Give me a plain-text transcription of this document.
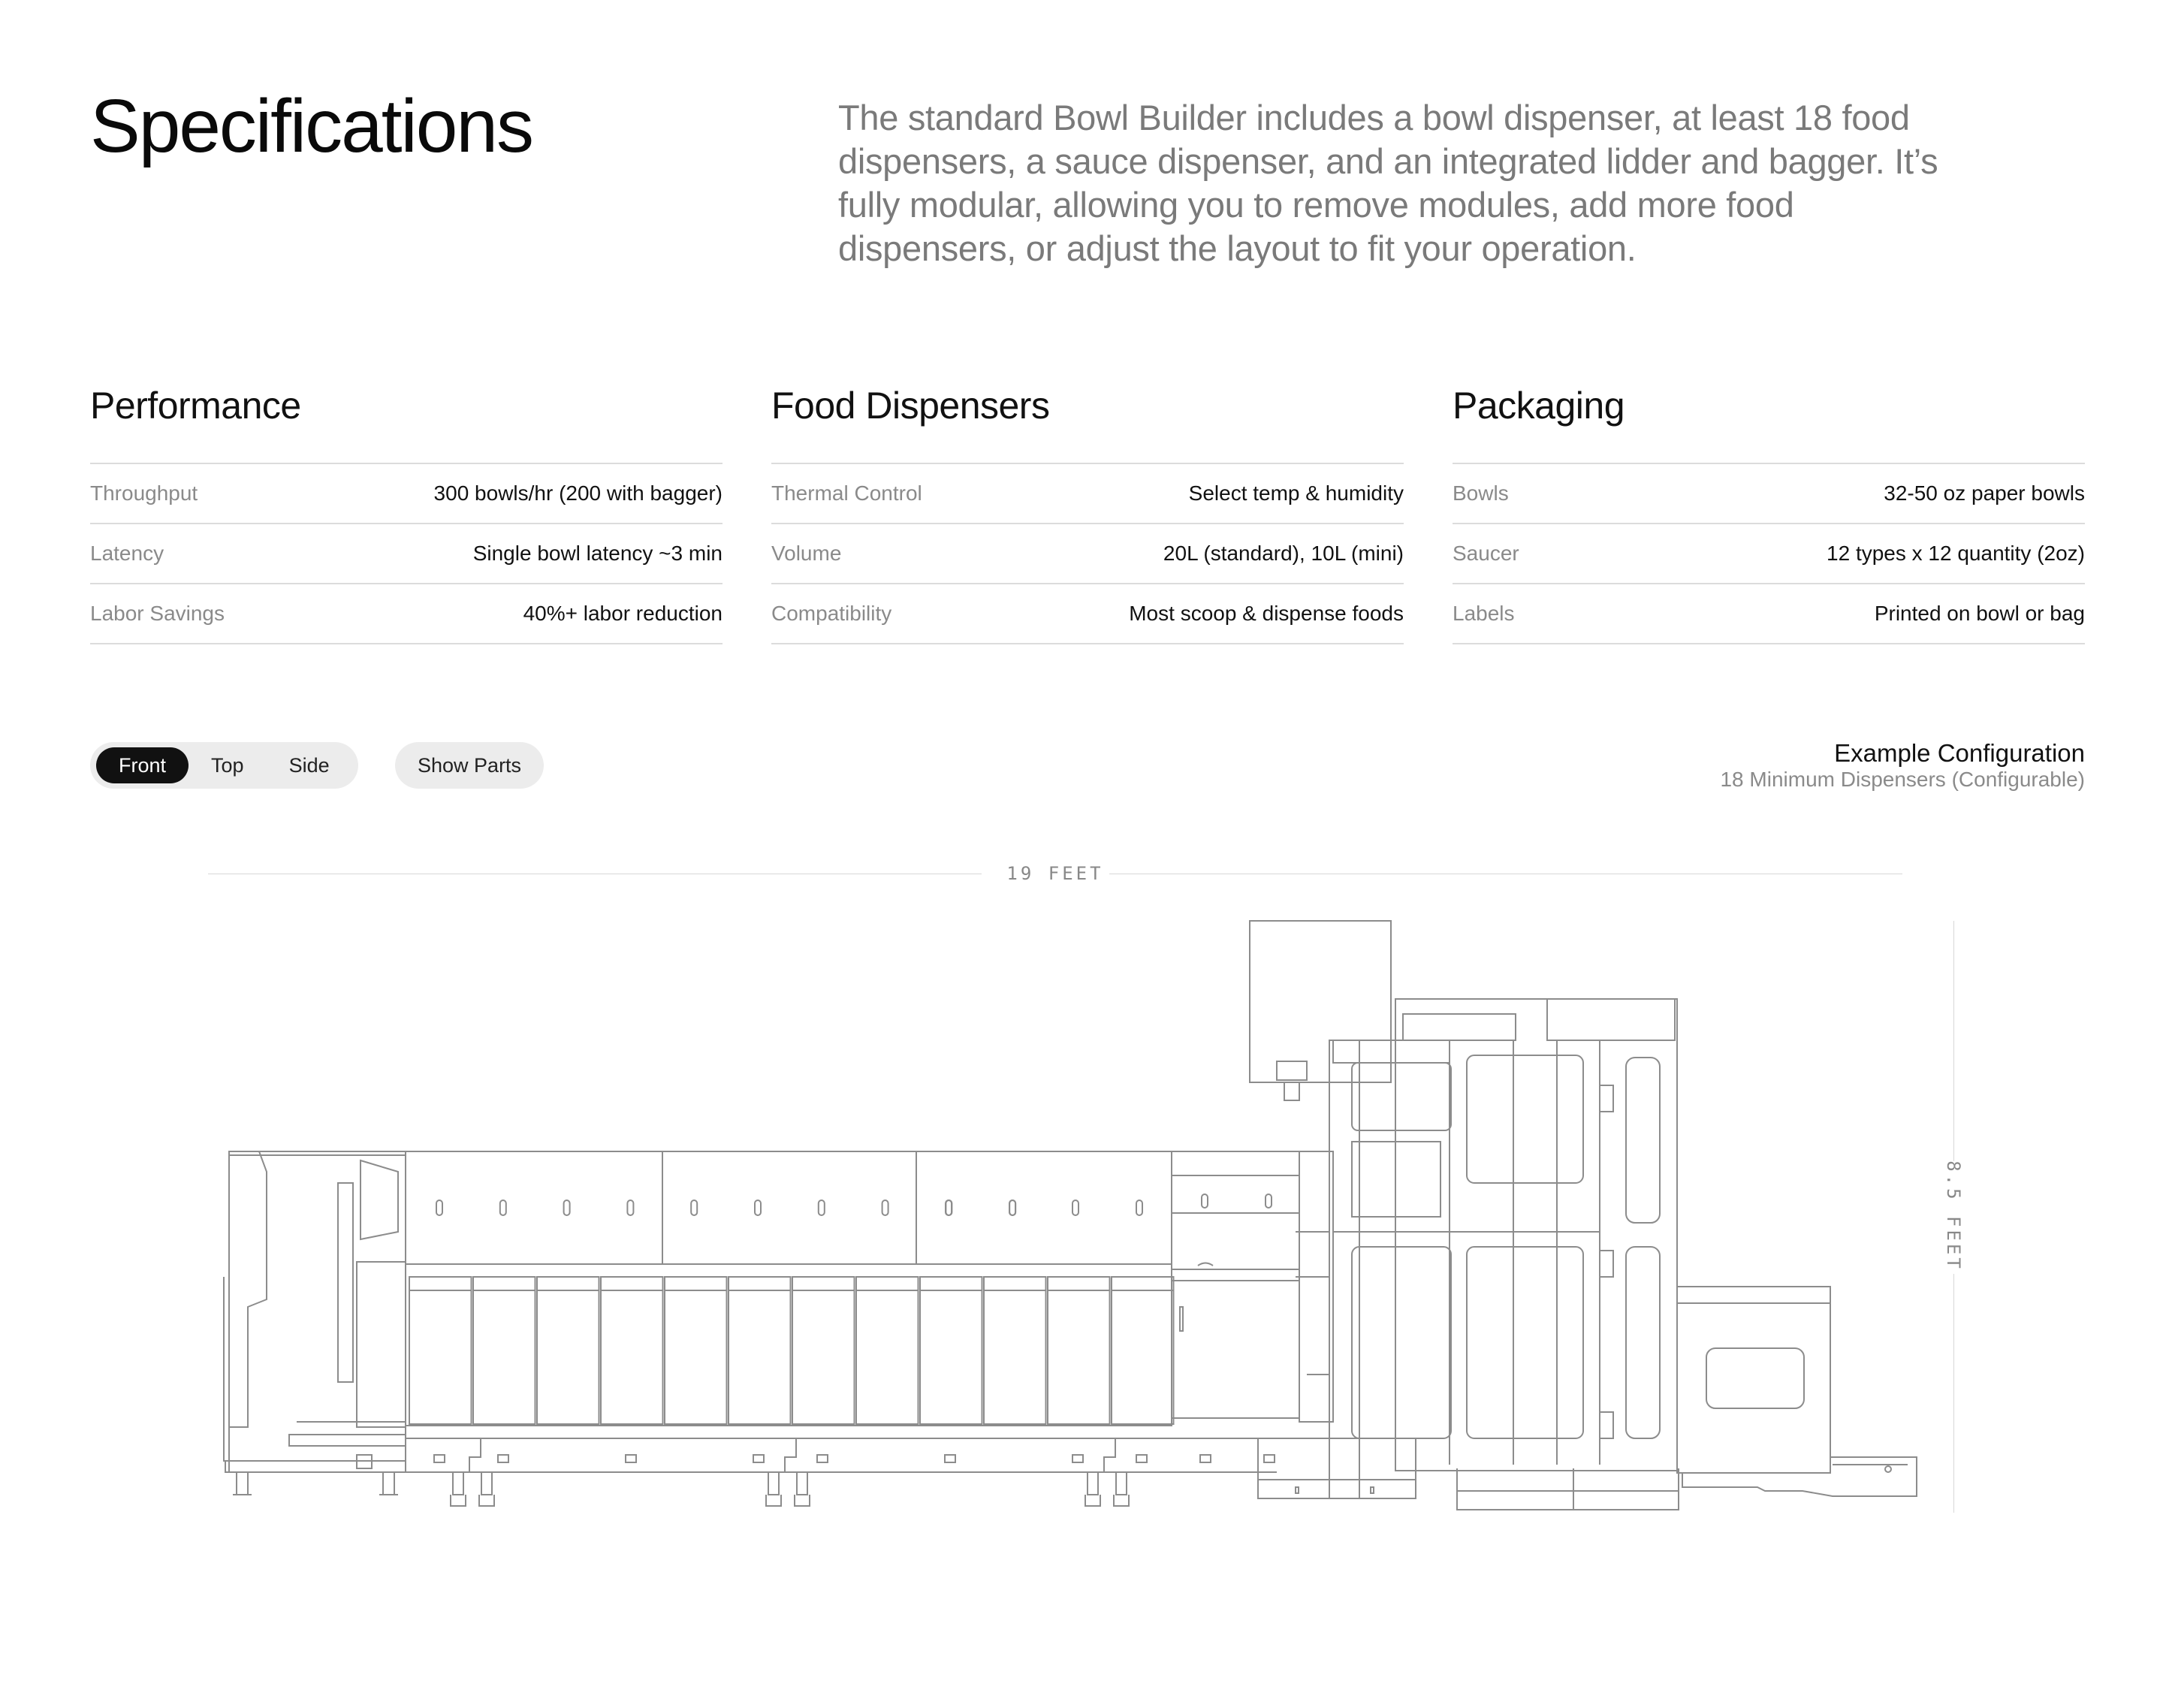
Specifications	The standard Bowl Builder includes a bowl dispenser, at least 18 food dispensers, a sauce dispenser, and an integrated lidder and bagger. It’s fully modular, allowing you to remove modules, add more food dispensers, or adjust the layout to fit your operation.

Performance
Throughput	300 bowls/hr (200 with bagger)
Latency	Single bowl latency ~3 min
Labor Savings	40%+ labor reduction
Food Dispensers
Thermal Control	Select temp & humidity
Volume	20L (standard), 10L (mini)
Compatibility	Most scoop & dispense foods
Packaging
Bowls	32-50 oz paper bowls
Saucer	12 types x 12 quantity (2oz)
Labels	Printed on bowl or bag
Front	Top	Side	Show Parts	Example Configuration
18 Minimum Dispensers (Configurable)
19 FEET
8.5 FEET
